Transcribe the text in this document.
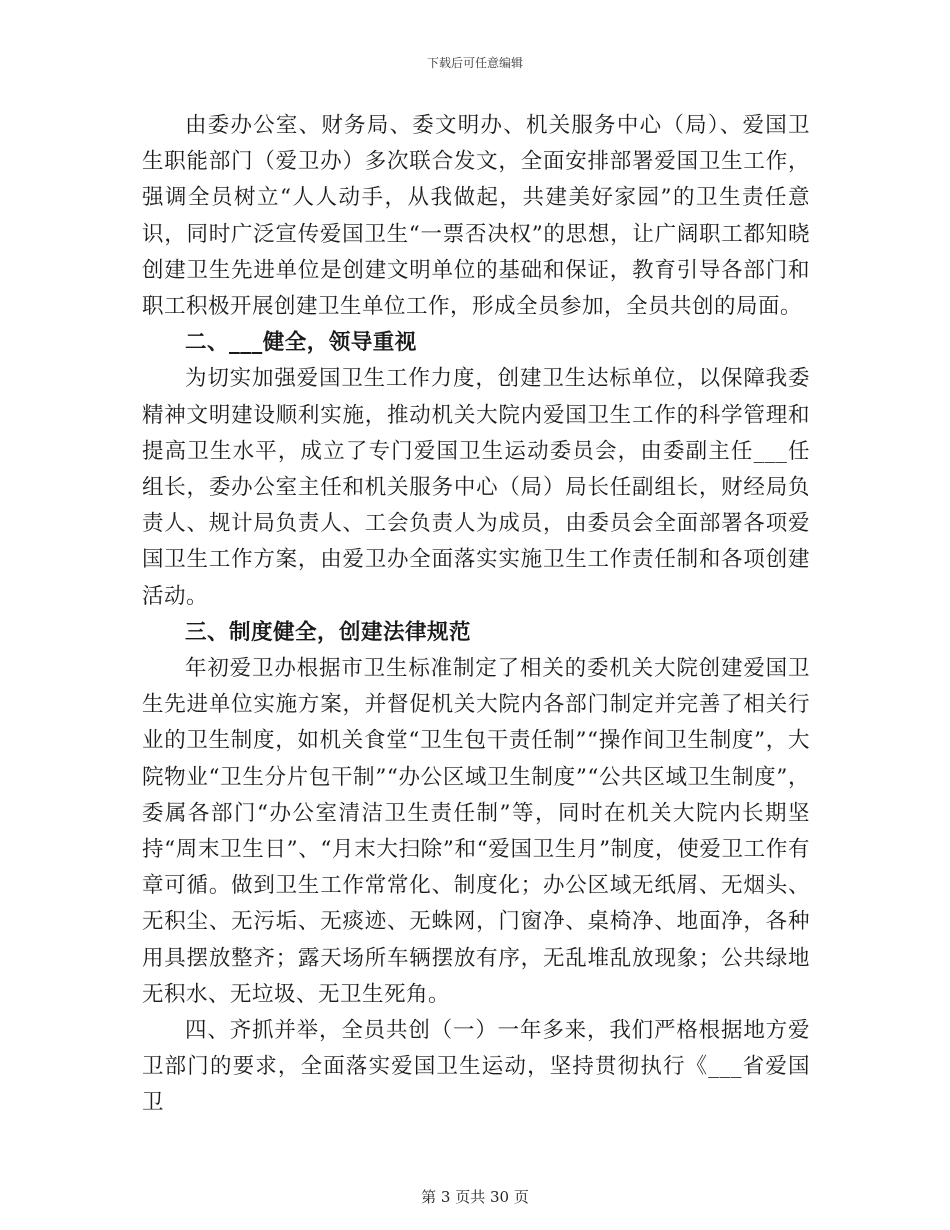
下载后可任意编辑

由委办公室、财务局、委文明办、机关服务中心（局）、爱国卫生职能部门（爱卫办）多次联合发文，全面安排部署爱国卫生工作，强调全员树立“人人动手，从我做起，共建美好家园”的卫生责任意识，同时广泛宣传爱国卫生“一票否决权”的思想，让广阔职工都知晓创建卫生先进单位是创建文明单位的基础和保证，教育引导各部门和职工积极开展创建卫生单位工作，形成全员参加，全员共创的局面。

二、___健全，领导重视

为切实加强爱国卫生工作力度，创建卫生达标单位，以保障我委精神文明建设顺利实施，推动机关大院内爱国卫生工作的科学管理和提高卫生水平，成立了专门爱国卫生运动委员会，由委副主任___任组长，委办公室主任和机关服务中心（局）局长任副组长，财经局负责人、规计局负责人、工会负责人为成员，由委员会全面部署各项爱国卫生工作方案，由爱卫办全面落实实施卫生工作责任制和各项创建活动。

三、制度健全，创建法律规范

年初爱卫办根据市卫生标准制定了相关的委机关大院创建爱国卫生先进单位实施方案，并督促机关大院内各部门制定并完善了相关行业的卫生制度，如机关食堂“卫生包干责任制”“操作间卫生制度”，大院物业“卫生分片包干制”“办公区域卫生制度”“公共区域卫生制度”，委属各部门“办公室清洁卫生责任制”等，同时在机关大院内长期坚持“周末卫生日”、“月末大扫除”和“爱国卫生月”制度，使爱卫工作有章可循。做到卫生工作常常化、制度化；办公区域无纸屑、无烟头、无积尘、无污垢、无痰迹、无蛛网，门窗净、桌椅净、地面净，各种用具摆放整齐；露天场所车辆摆放有序，无乱堆乱放现象；公共绿地无积水、无垃圾、无卫生死角。

四、齐抓并举，全员共创（一）一年多来，我们严格根据地方爱卫部门的要求，全面落实爱国卫生运动，坚持贯彻执行《___省爱国卫

第 3 页共 30 页
